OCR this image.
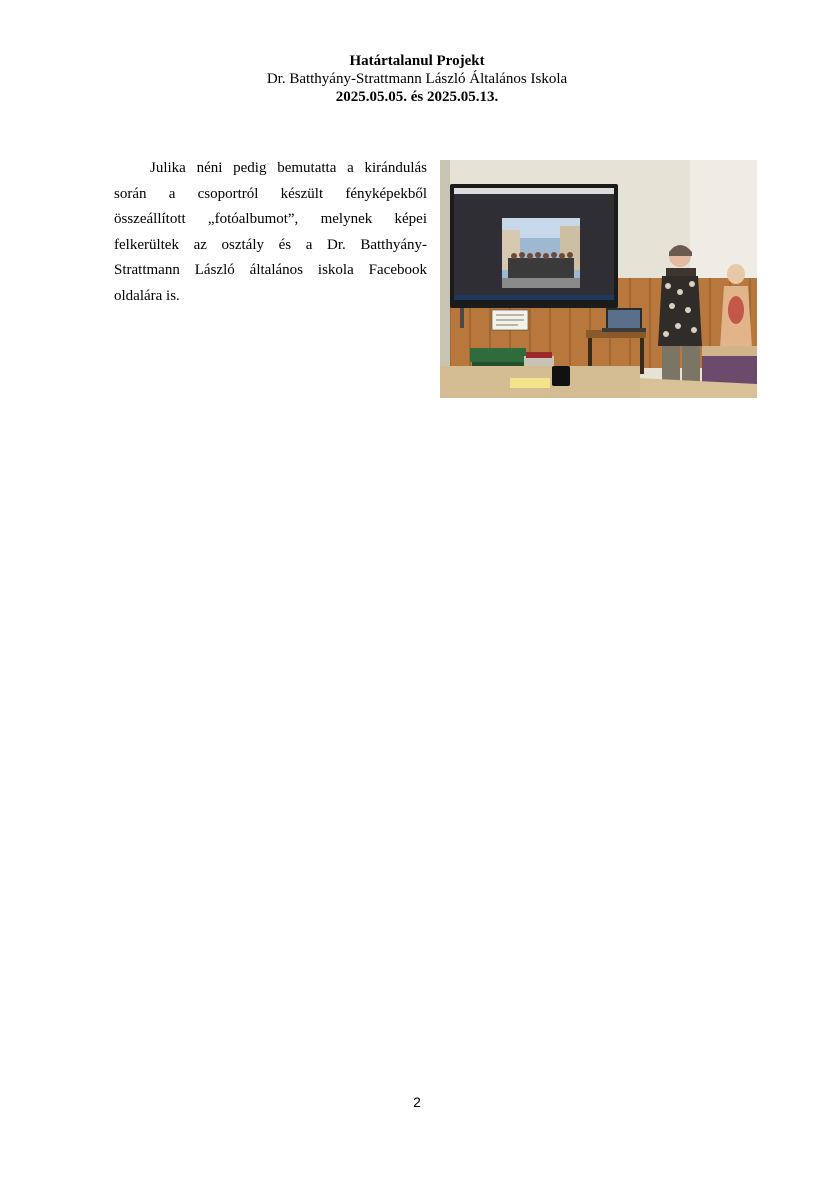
Határtalanul Projekt
Dr. Batthyány-Strattmann László Általános Iskola
2025.05.05. és 2025.05.13.

Julika néni pedig bemutatta a kirándulás során a csoportról készült fényképekből összeállított „fotóalbumot”, melynek képei felkerültek az osztály és a Dr. Batthyány-Strattmann László általános iskola Facebook oldalára is.

2
